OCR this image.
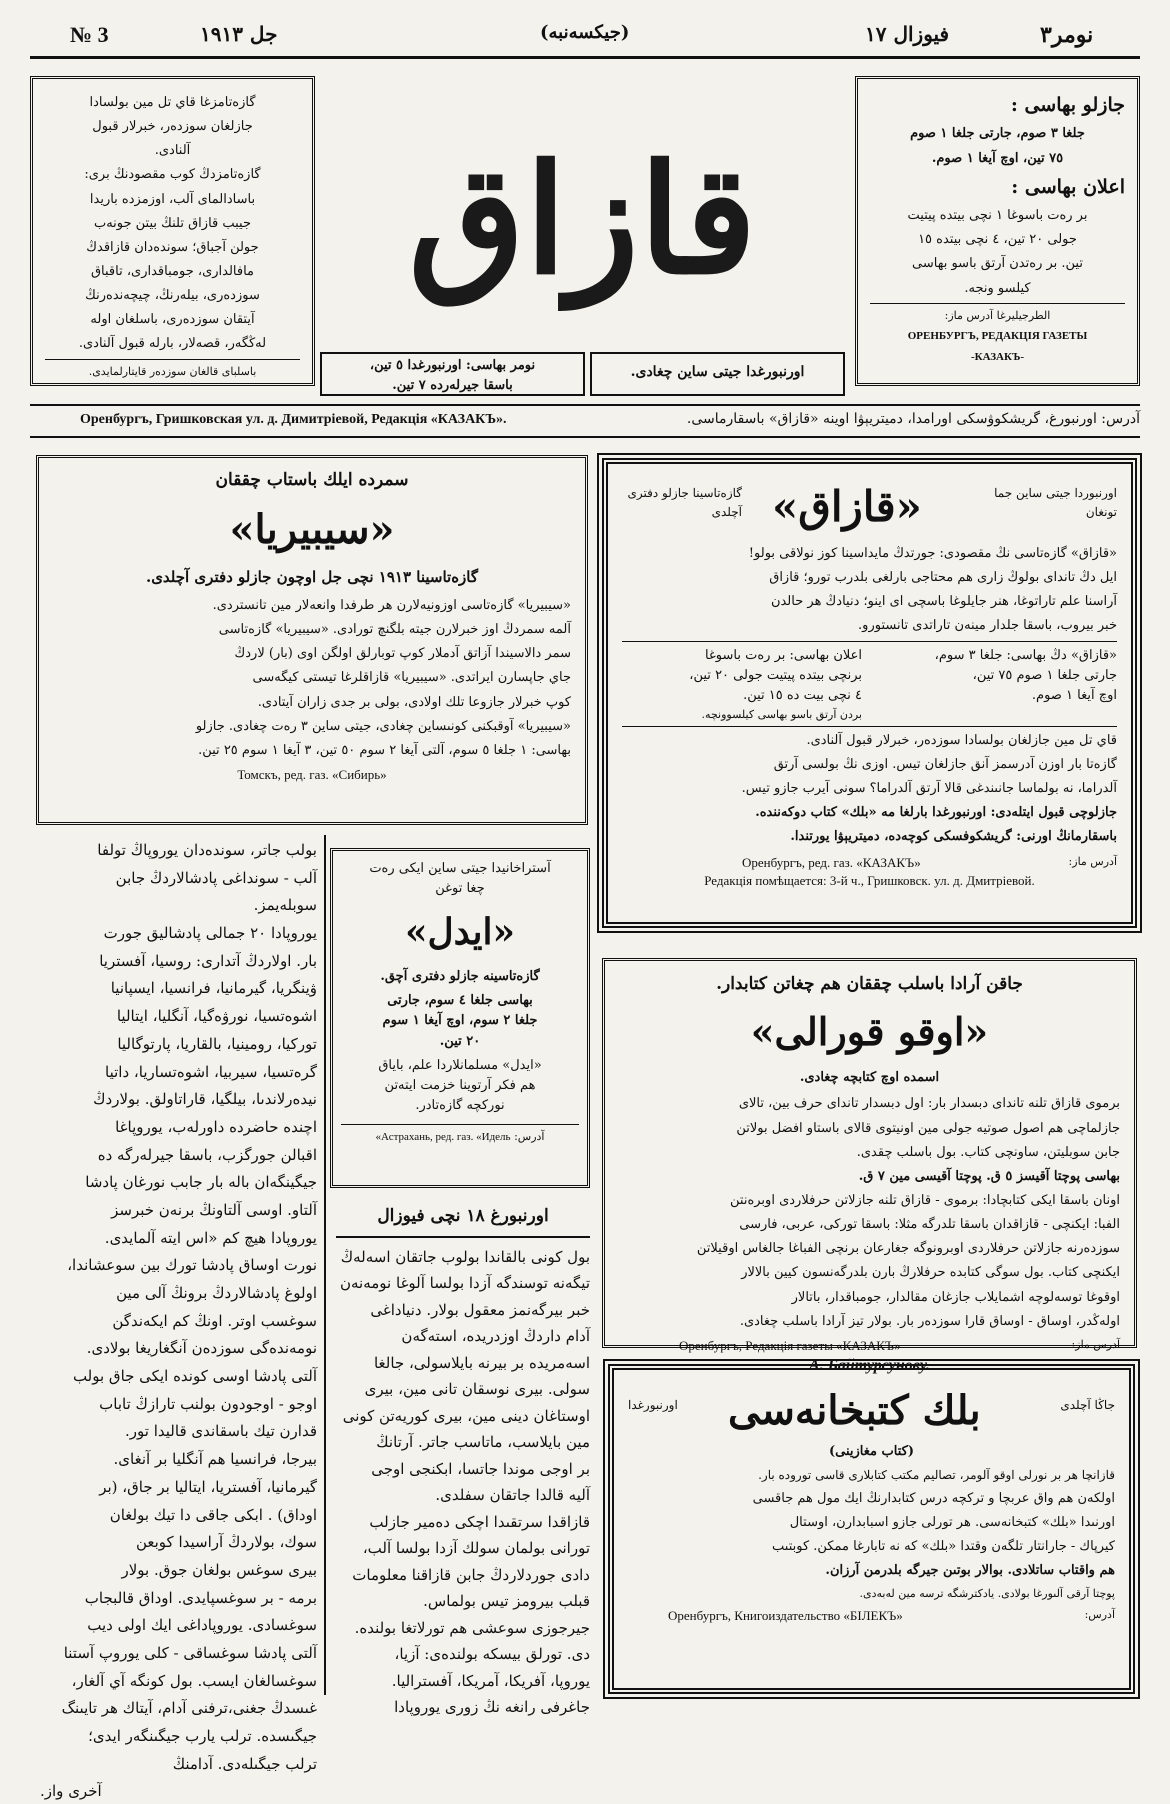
№ 3	جل ١٩١٣	(جيكسەنبە)	فيوزال ١٧	نومر٣

گازەتامزغا قاي تل مين بولسادا

جازلغان سوزدەر، خبرلار قبول

آلنادى.

گازەتامزدڭ كوب مقصودنڭ برى:

باسادالماى آلب، اوزمزدە باريدا

جيبب قازاق تلنڭ بيتن جونەب

جولن آجباق؛ سوندەدان قازاقدڭ

مافالدارى، جومباقدارى، تاقباق

سوزدەرى، بيلەرنڭ، چيچەندەرنڭ

آيتقان سوزدەرى، باسلغان اوله

لەڭگەر، قصەلار، بارلە قبول آلنادى.

باسلباى قالغان سوزدەر قايتارلمايدى.

قازاق

جازلو بهاسى :

جلغا ٣ صوم، جارتى جلغا ١ صوم

٧٥ تين، اوچ آيغا ١ صوم.

اعلان بهاسى :

بر رەت باسوغا ١ نچى بيتدە پيتيت

جولى ٢٠ تين، ٤ نچى بيتدە ١٥

تين. بر رەتدن آرتق باسو بهاسى

كيلسو ونجە.

الطرجيليرغا آدرس ماز:

ОРЕНБУРГЪ, РЕДАКЦІЯ ГАЗЕТЫ

-КАЗАКЪ-

نومر بهاسى: اورنبورغدا ٥ تين،
باسقا جيرلەردە ٧ تين.
اورنبورغدا جيتى ساين چغادى.
Оренбургъ, Гришковская ул. д. Димитріевой, Редакція «КАЗАКЪ».	آدرس: اورنبورغ، گريشكوۋسكى اورامدا، دميتريېۋا اوينە «قازاق» باسقارماسى.
سمردە ايلك باستاب چققان
«سيبيريا»
گازەتاسينا ١٩١٣ نچى جل اوچون جازلو دفترى آچلدى.

«سيبيريا» گازەتاسى اوزونيەلارن هر طرفدا وانعەلار مين تانستردى.

آلمە سمردڭ اوز خبرلارن جيتە بلگنچ تورادى. «سيبيريا» گازەتاسى

سمر دالاسيندا آزاتق آدملار كوپ توبارلق اولگن اوى (بار) لاردڭ

جاي جاپسارن ايراتدى. «سيبيريا» قازاقلرغا تيستى كيگەسى

كوپ خبرلار جازوعا تلك اولادى، بولى بر جدى زاران آيتادى.

«سيبيريا» آوقبكنى كونىساين چغادى، جيتى ساين ٣ رەت چغادى. جازلو

بهاسى: ١ جلغا ٥ سوم، آلتى آيغا ٢ سوم ٥٠ تين، ٣ آيغا ١ سوم ٢٥ تين.

Томскъ, ред. газ. «Сибирь»
اورنبوردا جيتى ساين جما تونغان
«قازاق»
گازەتاسينا جازلو دفترى آچلدى

«قازاق» گازەتاسى نڭ مقصودى: جورتدڭ مايداسينا كوز نولاقى بولو!

ايل دڭ تاندای بولوڭ زارى هم محتاجى بارلغى بلدرب تورو؛ قازاق

آراسنا علم تاراتوغا، هنر جايلوغا باسچى اى اينو؛ دنيادڭ هر حالدن

خبر بيروب، باسقا جلدار مينەن تاراتدى تانستورو.

«قازاق» دڭ بهاسى: جلغا ٣ سوم،
جارتى جلغا ١ صوم ٧٥ تين،
اوچ آيغا ١ صوم.
اعلان بهاسى: بر رەت باسوغا
برنچى بيتدە پيتيت جولى ٢٠ تين،
٤ نچى بيت دە ١٥ تين.
بردن آرتق باسو بهاسى كيلسوونچە.

قاي تل مين جازلغان بولسادا سوزدەر، خبرلار قبول آلنادى.

گازەتا بار اوزن آدرسمز آنق جازلغان تيس. اوزى نڭ بولسى آرتق

آلدراما، نە بولماسا جانىندغى قالا آرتق آلدراما؟ سونى آيرب جازو تيس.

جازلوچى قبول ايتلەدى: اورنبورغدا بارلغا مە «بلك» كتاب دوكەننده.

باسقارمانڭ اورنى: گريشكوفسكى كوچەدە، دميتريېۋا يورتندا.

آدرس ماز:
Оренбургъ, ред. газ. «КАЗАКЪ»
Редакція помѣщается: 3-й ч., Гришковск. ул. д. Дмитріевой.

بولب جاتر، سوندەدان يوروپاڭ تولفا

آلب - سونداغى پادشالاردڭ جابن

سوبلەيمز.

يوروپادا ٢٠ جمالى پادشاليق جورت

بار. اولاردڭ آتدارى: روسيا، آفستريا

ۋينگريا، گيرمانيا، فرانسيا، ايسپانيا

اشوەتسيا، نورۋەگيا، آنگليا، ايتاليا

توركيا، رومينيا، بالقاريا، پارتوگاليا

گرەتسيا، سيربيا، اشوەتساريا، داتيا

نيدەرلاندىا، بيلگيا، قاراتاولق. بولاردڭ

اچندە حاضردە داورلەب، يوروپاغا

اقبالن جورگزب، باسقا جيرلەرگە دە

جيگينگەان بالە بار جابب نورغان پادشا

آلتاو. اوسى آلتاونڭ برنەن خبرسز

يوروپادا هيچ كم «اس ايتە آلمايدى.

نورت اوساق پادشا تورك بين سوعشاندا،

اولوغ پادشالاردڭ برونڭ آلى مين

سوغسب اوتر. اونڭ كم ايكەندگن

نومەندەگى سوزدەن آنگغاريغا بولادى.

آلتى پادشا اوسى كوندە ايكى جاق بولب

اوجو - اوجودون بولنب تارازڭ تاباب

قدارن تيك باسقاندى قاليدا تور.

بيرجا، فرانسيا هم آنگليا بر آنغاى.

گيرمانيا، آفستريا، ايتاليا بر جاق، (بر

اوداق) . ابكى جاقى دا تيك بولغان

سوك، بولاردڭ آراسيدا كوبعن

بيرى سوغس بولغان جوق. بولار

برمە - بر سوغسپايدى. اوداق قالبجاب

سوغسادى. يوروپاداغى ايك اولى ديب

آلتى پادشا سوغساقى - كلى يوروپ آستنا

سوغسالغان ايسب. بول كونگە آي آلغار،

غىسدڭ جغنى،ترفنى آدام، آيتاك هر تايىنگ

جيگىسدە. ترلب يارب جيگىنگەر ايدى؛

ترلب جيگىلەدى. آدامنڭ

آخرى واز.

آستراخانيدا جيتى ساين ايكى رەت
چغا توغن
«ايدل»
گازەتاسينە جازلو دفترى آچق.
بهاسى جلغا ٤ سوم، جارتى
جلغا ٢ سوم، اوچ آيغا ١ سوم
٢٠ تين.
«ايدل» مسلمانلاردا علم، باياق
هم فكر آرتوينا خزمت ايتەتن
نوركچە گازەتادر.
آدرس: Астрахань, ред. газ. «Идель»
اورنبورغ ١٨ نچى فيوزال

بول كونى بالقاندا بولوب جاتقان اسەلەڭ

تيگەنە توسندگە آزدا بولسا آلوغا نومەنەن

خبر بيرگەنمز معقول بولار. دنياداغى

آدام داردڭ اوزدريدە، استەگەن

اسەمريدە بر بيرنە بايلاسولى، جالغا

سولى. بيرى نوسقان تانى مين، بيرى

اوستاغان دينى مين، بيرى كوريەتن كونى

مين بايلاسب، ماتاسب جاتر. آرتانڭ

بر اوجى موندا جاتسا، ابكنجى اوجى

آليە قالدا جاتقان سفلدى.

قازاقدا سرتقىدا اچكى دەمير جازلب

تورانى بولمان سولك آزدا بولسا آلب،

دادى جوردلاردڭ جابن قازاقنا معلومات

قبلب بيرومز تيس بولماس.

جيرجوزى سوعشى هم تورلاتغا بولندە.

دى. تورلق بيسكە بولندەى: آزيا،

يوروپا، آفريكا، آمريكا، آفستراليا.

جاغرفى رانغە نڭ زورى يوروپادا

جاقن آرادا باسلب چققان هم چغاتن كتابدار.
«اوقو قورالى»
اسمدە اوچ كتابچە چغادى.

برموى قازاق تلنە تاندای دبسدار بار: اول دبسدار تاندای حرف بين، تالاى

جازلماچى هم اصول صوتيە جولى مين اونيتوى قالاى باستاو افضل بولاتن

جابن سوبليتن، ساونچى كتاب. بول باسلب چقدى.

بهاسى پوچتا آقيسز ٥ ق. پوچتا آقيسى مين ٧ ق.

اونان باسقا ايكى كتابچادا: برموى - قازاق تلنە جازلاتن حرفلاردى اوبرەنتن

الفبا: ايكنچى - قازاقدان باسقا تلدرگە مثلا: باسقا توركى، عربى، فارسى

سوزدەرنە جازلاتن حرفلاردى اوبرونوگە جغارعان برنچى الفباغا جالغاس اوقيلاتن

ايكنچى كتاب. بول سوگى كتابدە حرفلارڭ بارن بلدرگەنسون كيين بالالار

اوقوغا توسەلوچە اشمايلاب جازغان مقالدار، جومباقدار، باتالار

اولەڭدر، اوساق - اوساق قارا سوزدەر بار. بولار تيز آرادا باسلب چغادى.

آدرس ماز:
Оренбургъ, Редакція газеты «КАЗАКЪ»
А. Байтурсунову.
جاڭا آچلدى
بلك كتبخانەسى
اورنبورغدا
(كتاب مغازينى)

قازانچا هر بر نورلى اوقو آلومر، تصاليم مكتب كتابلارى قاسى تورودە بار.

اولكەن هم واق عربچا و تركچە درس كتابدارنڭ ايك مول هم جاقسى

اورنىدا «بلك» كتبخانەسى. هر تورلى جازو اسبابدارن، اوستال

كيرپاك - جارانتار تلگەن وقتدا «بلك» كە نە تابارغا ممكن. كوبتىب

هم واقتاب ساتلادى. بوالار بوتىن جيرگە بلدرمن آرزان.

پوچتا آرقى آلىورغا بولادى. يادكترشگە ترسە مين لەبەدى.

آدرس:
Оренбургъ, Книгоиздательство «БІЛЕКЪ»
